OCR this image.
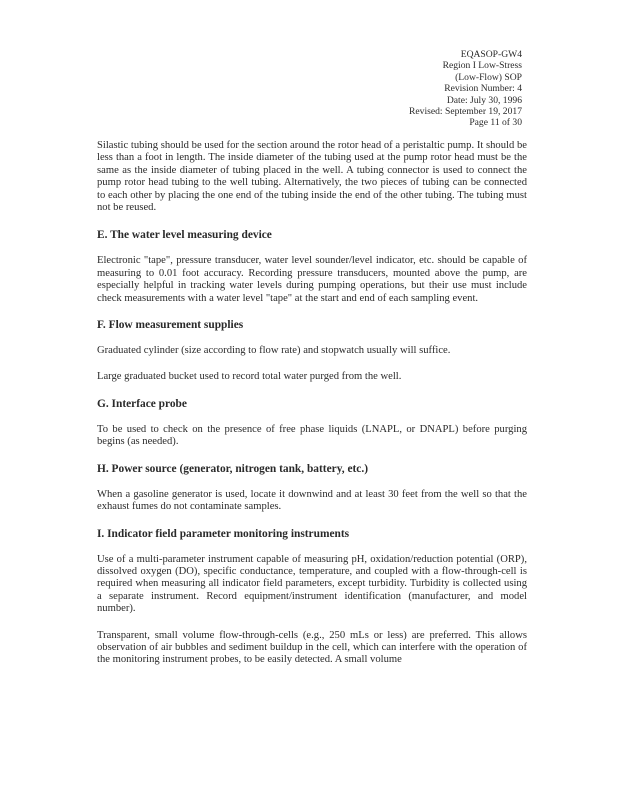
EQASOP-GW4
Region I Low-Stress
(Low-Flow) SOP
Revision Number: 4
Date: July 30, 1996
Revised: September 19, 2017
Page 11 of 30

Silastic tubing should be used for the section around the rotor head of a peristaltic pump. It should be less than a foot in length. The inside diameter of the tubing used at the pump rotor head must be the same as the inside diameter of tubing placed in the well. A tubing connector is used to connect the pump rotor head tubing to the well tubing. Alternatively, the two pieces of tubing can be connected to each other by placing the one end of the tubing inside the end of the other tubing. The tubing must not be reused.

E. The water level measuring device

Electronic "tape", pressure transducer, water level sounder/level indicator, etc. should be capable of measuring to 0.01 foot accuracy. Recording pressure transducers, mounted above the pump, are especially helpful in tracking water levels during pumping operations, but their use must include check measurements with a water level "tape" at the start and end of each sampling event.

F. Flow measurement supplies

Graduated cylinder (size according to flow rate) and stopwatch usually will suffice.

Large graduated bucket used to record total water purged from the well.

G. Interface probe

To be used to check on the presence of free phase liquids (LNAPL, or DNAPL) before purging begins (as needed).

H. Power source (generator, nitrogen tank, battery, etc.)

When a gasoline generator is used, locate it downwind and at least 30 feet from the well so that the exhaust fumes do not contaminate samples.

I. Indicator field parameter monitoring instruments

Use of a multi-parameter instrument capable of measuring pH, oxidation/reduction potential (ORP), dissolved oxygen (DO), specific conductance, temperature, and coupled with a flow-through-cell is required when measuring all indicator field parameters, except turbidity. Turbidity is collected using a separate instrument. Record equipment/instrument identification (manufacturer, and model number).

Transparent, small volume flow-through-cells (e.g., 250 mLs or less) are preferred. This allows observation of air bubbles and sediment buildup in the cell, which can interfere with the operation of the monitoring instrument probes, to be easily detected. A small volume
